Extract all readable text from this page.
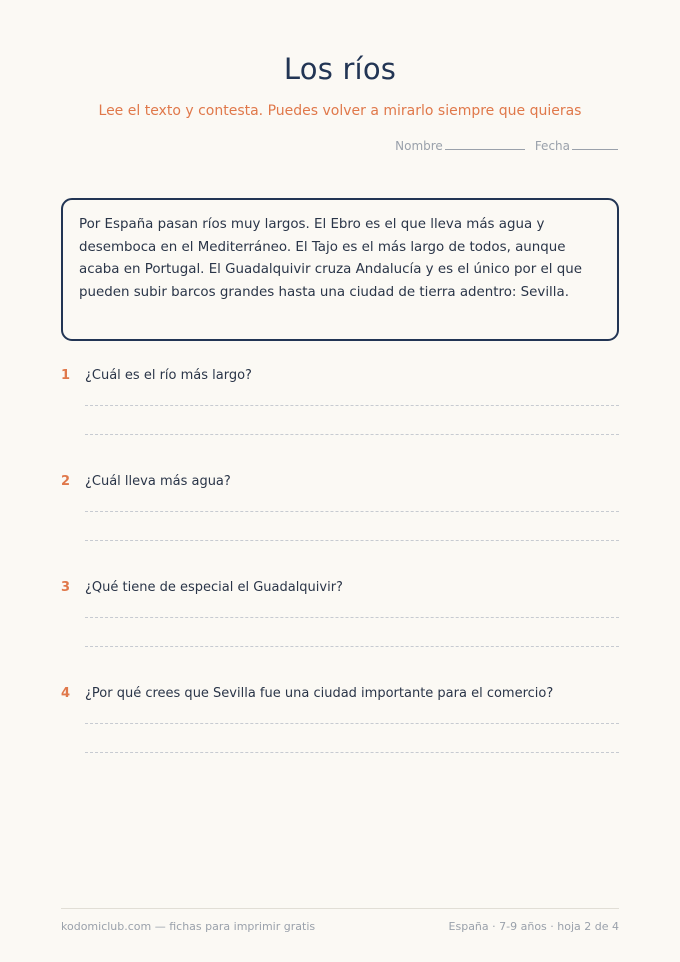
Los ríos
Lee el texto y contesta. Puedes volver a mirarlo siempre que quieras
Nombre	Fecha
Por España pasan ríos muy largos. El Ebro es el que lleva más agua y desemboca en el Mediterráneo. El Tajo es el más largo de todos, aunque acaba en Portugal. El Guadalquivir cruza Andalucía y es el único por el que pueden subir barcos grandes hasta una ciudad de tierra adentro: Sevilla.
1	¿Cuál es el río más largo?
2	¿Cuál lleva más agua?
3	¿Qué tiene de especial el Guadalquivir?
4	¿Por qué crees que Sevilla fue una ciudad importante para el comercio?
kodomiclub.com — fichas para imprimir gratis	España · 7-9 años · hoja 2 de 4
